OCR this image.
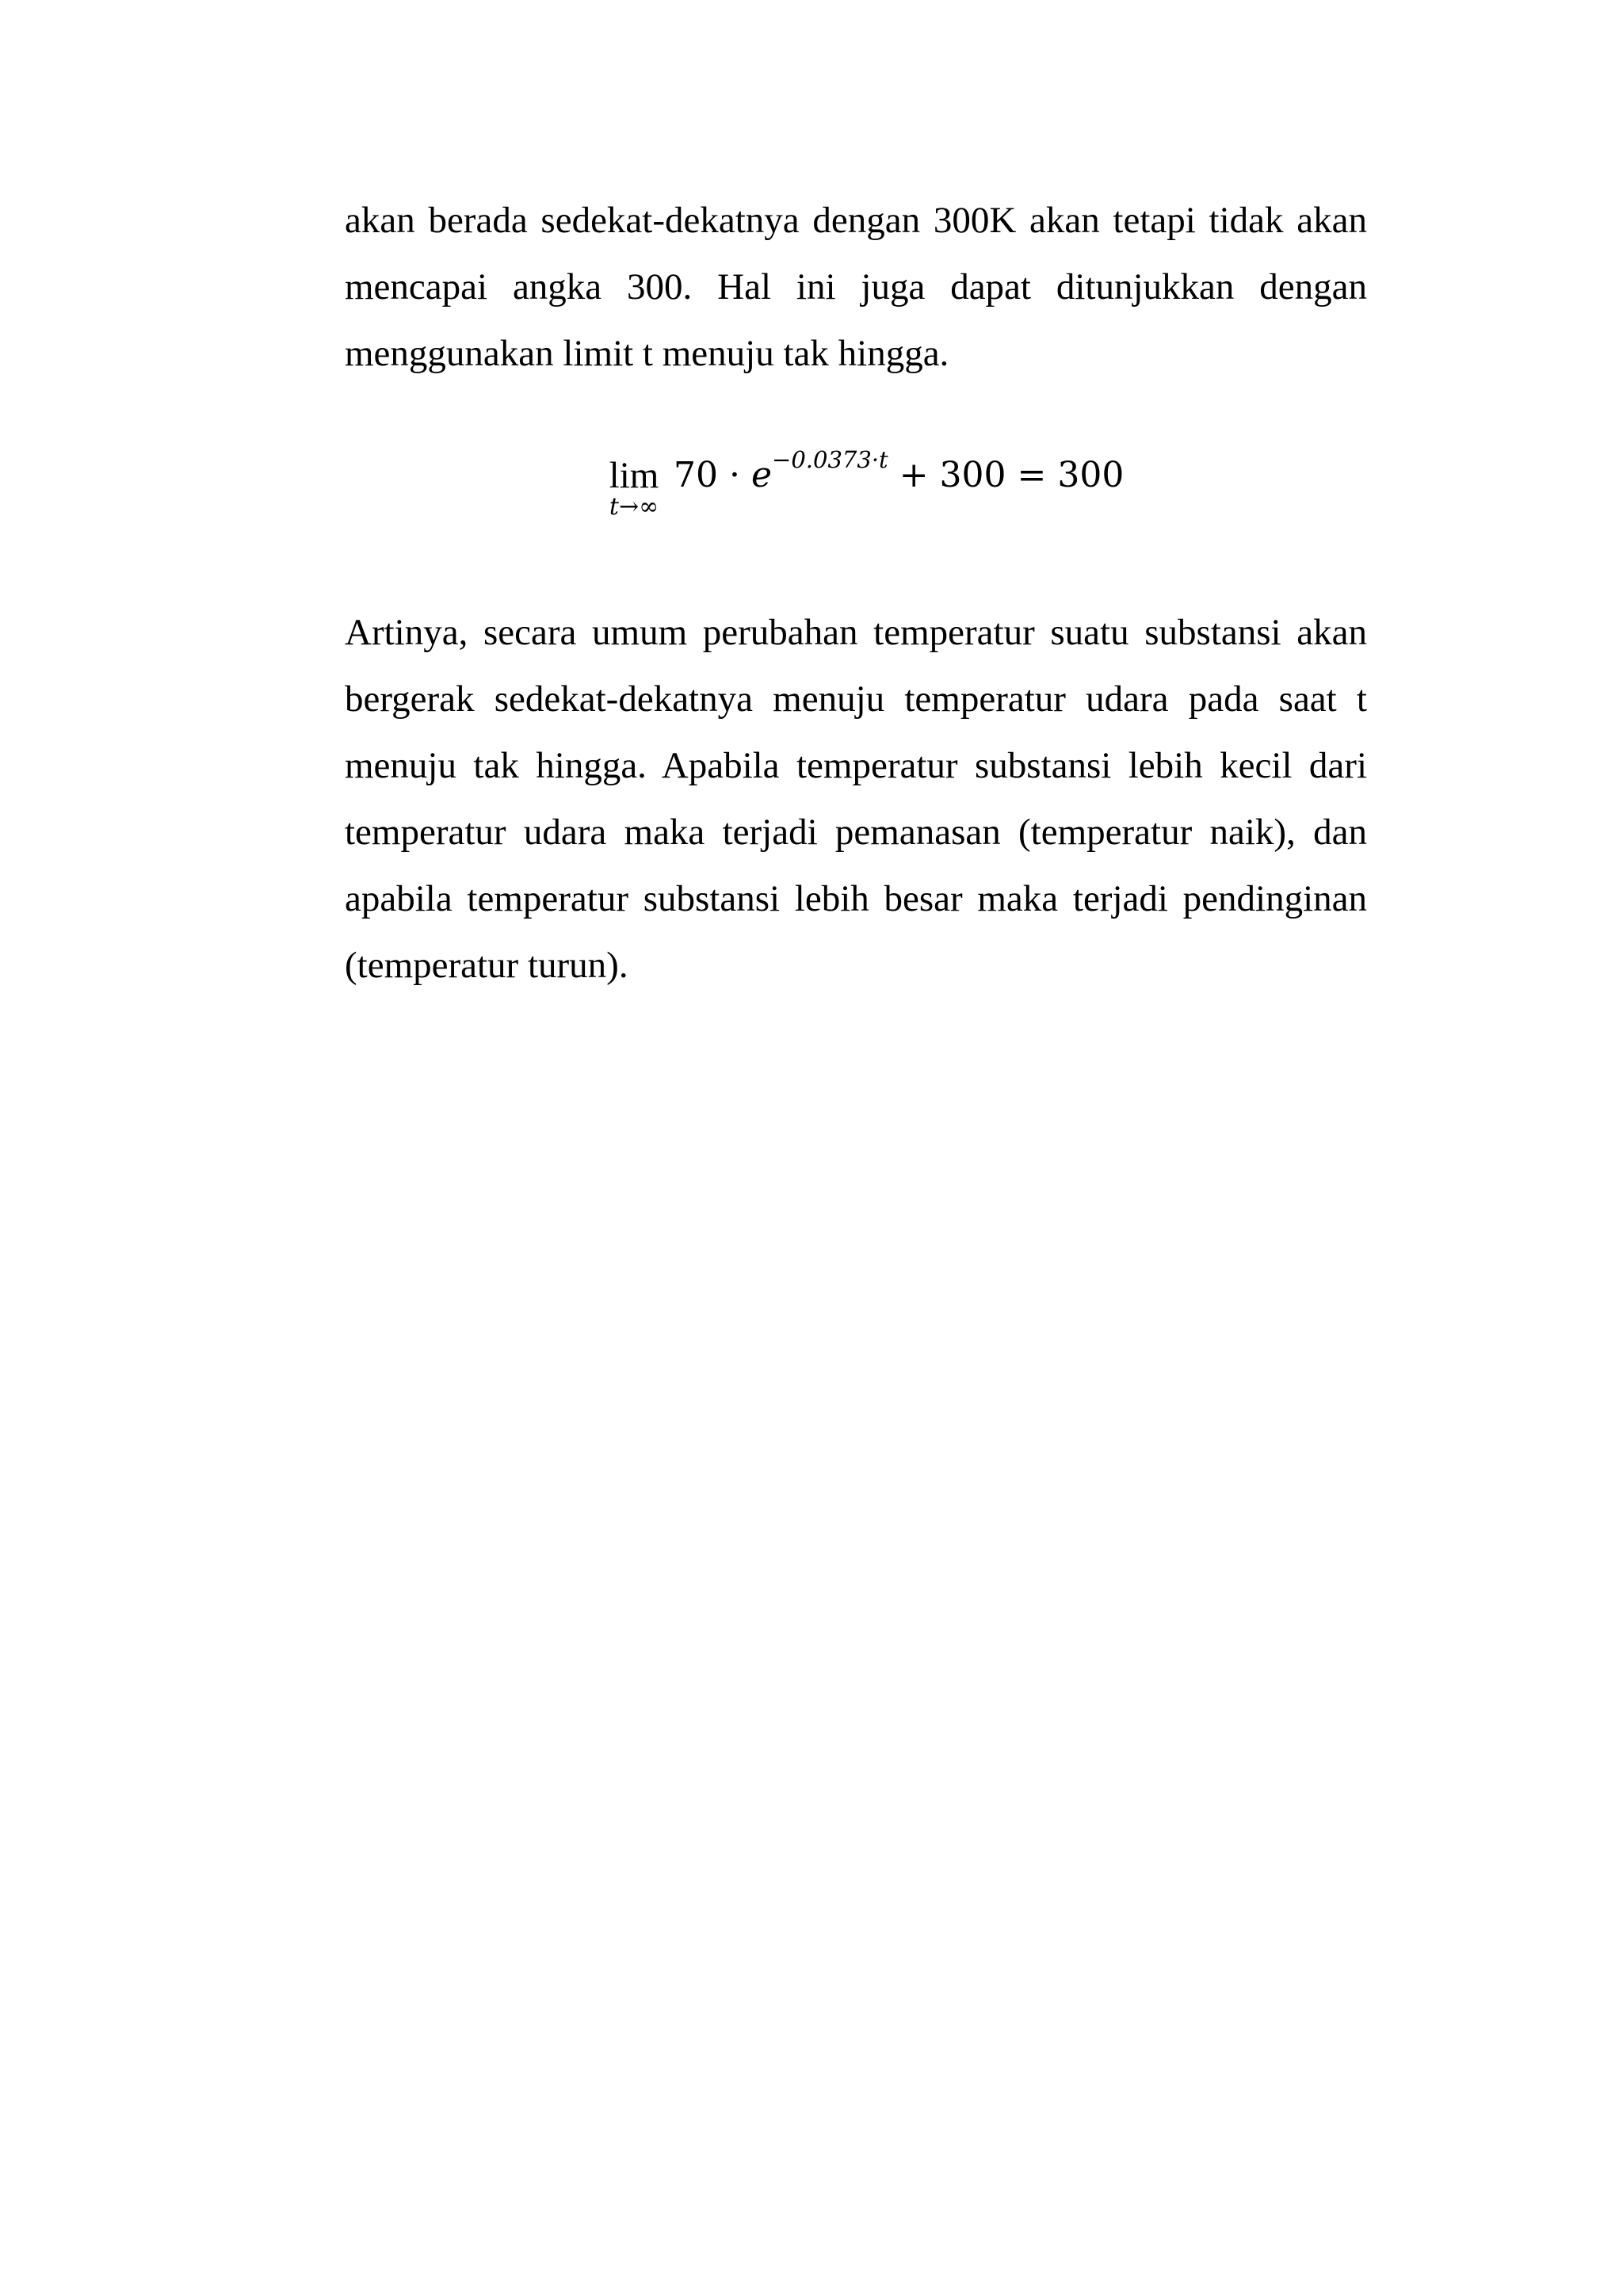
akan berada sedekat-dekatnya dengan 300K akan tetapi tidak akan
mencapai angka 300. Hal ini juga dapat ditunjukkan dengan
menggunakan limit t menuju tak hingga.

lim
t→∞
$70 \cdot e^{-0.0373\cdot t} + 300 = 300$

Artinya, secara umum perubahan temperatur suatu substansi akan
bergerak sedekat-dekatnya menuju temperatur udara pada saat t
menuju tak hingga. Apabila temperatur substansi lebih kecil dari
temperatur udara maka terjadi pemanasan (temperatur naik), dan
apabila temperatur substansi lebih besar maka terjadi pendinginan
(temperatur turun).
